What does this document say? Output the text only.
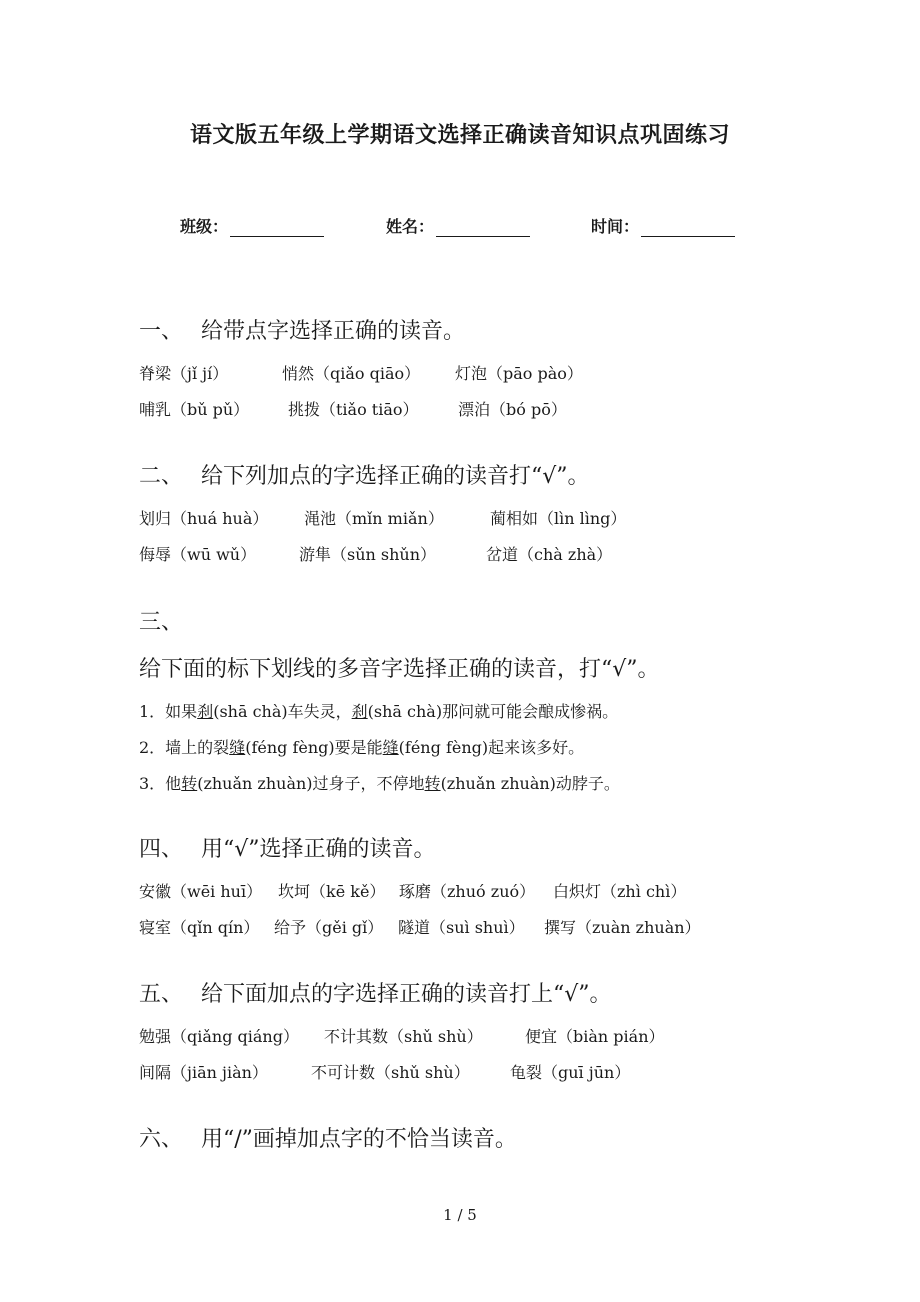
语文版五年级上学期语文选择正确读音知识点巩固练习
班级：	姓名：	时间：
一、 给带点字选择正确的读音。
脊梁（jǐ jí）	悄然（qiǎo qiāo） 灯泡（pāo pào）
哺乳（bǔ pǔ） 挑拨（tiǎo tiāo） 漂泊（bó pō）
二、 给下列加点的字选择正确的读音打“√”。
划归（huá huà） 渑池（mǐn miǎn）	蔺相如（lìn lìng）
侮辱（wū wǔ）	游隼（sǔn shǔn）	岔道（chà zhà）
三、
给下面的标下划线的多音字选择正确的读音，打“√”。
1．如果刹(shā chà)车失灵，刹(shā chà)那问就可能会酿成惨祸。
2．墙上的裂缝(féng fèng)要是能缝(féng fèng)起来该多好。
3．他转(zhuǎn zhuàn)过身子，不停地转(zhuǎn zhuàn)动脖子。
四、 用“√”选择正确的读音。
安徽（wēi huī） 坎坷（kē kě） 琢磨（zhuó zuó） 白炽灯（zhì chì）
寝室（qǐn qín） 给予（gěi gǐ） 隧道（suì shuì） 撰写（zuàn zhuàn）
五、 给下面加点的字选择正确的读音打上“√”。
勉强（qiǎng qiáng） 不计其数（shǔ shù）	便宜（biàn pián）
间隔（jiān jiàn）	不可计数（shǔ shù）	龟裂（guī jūn）
六、 用“/”画掉加点字的不恰当读音。
1 / 5
